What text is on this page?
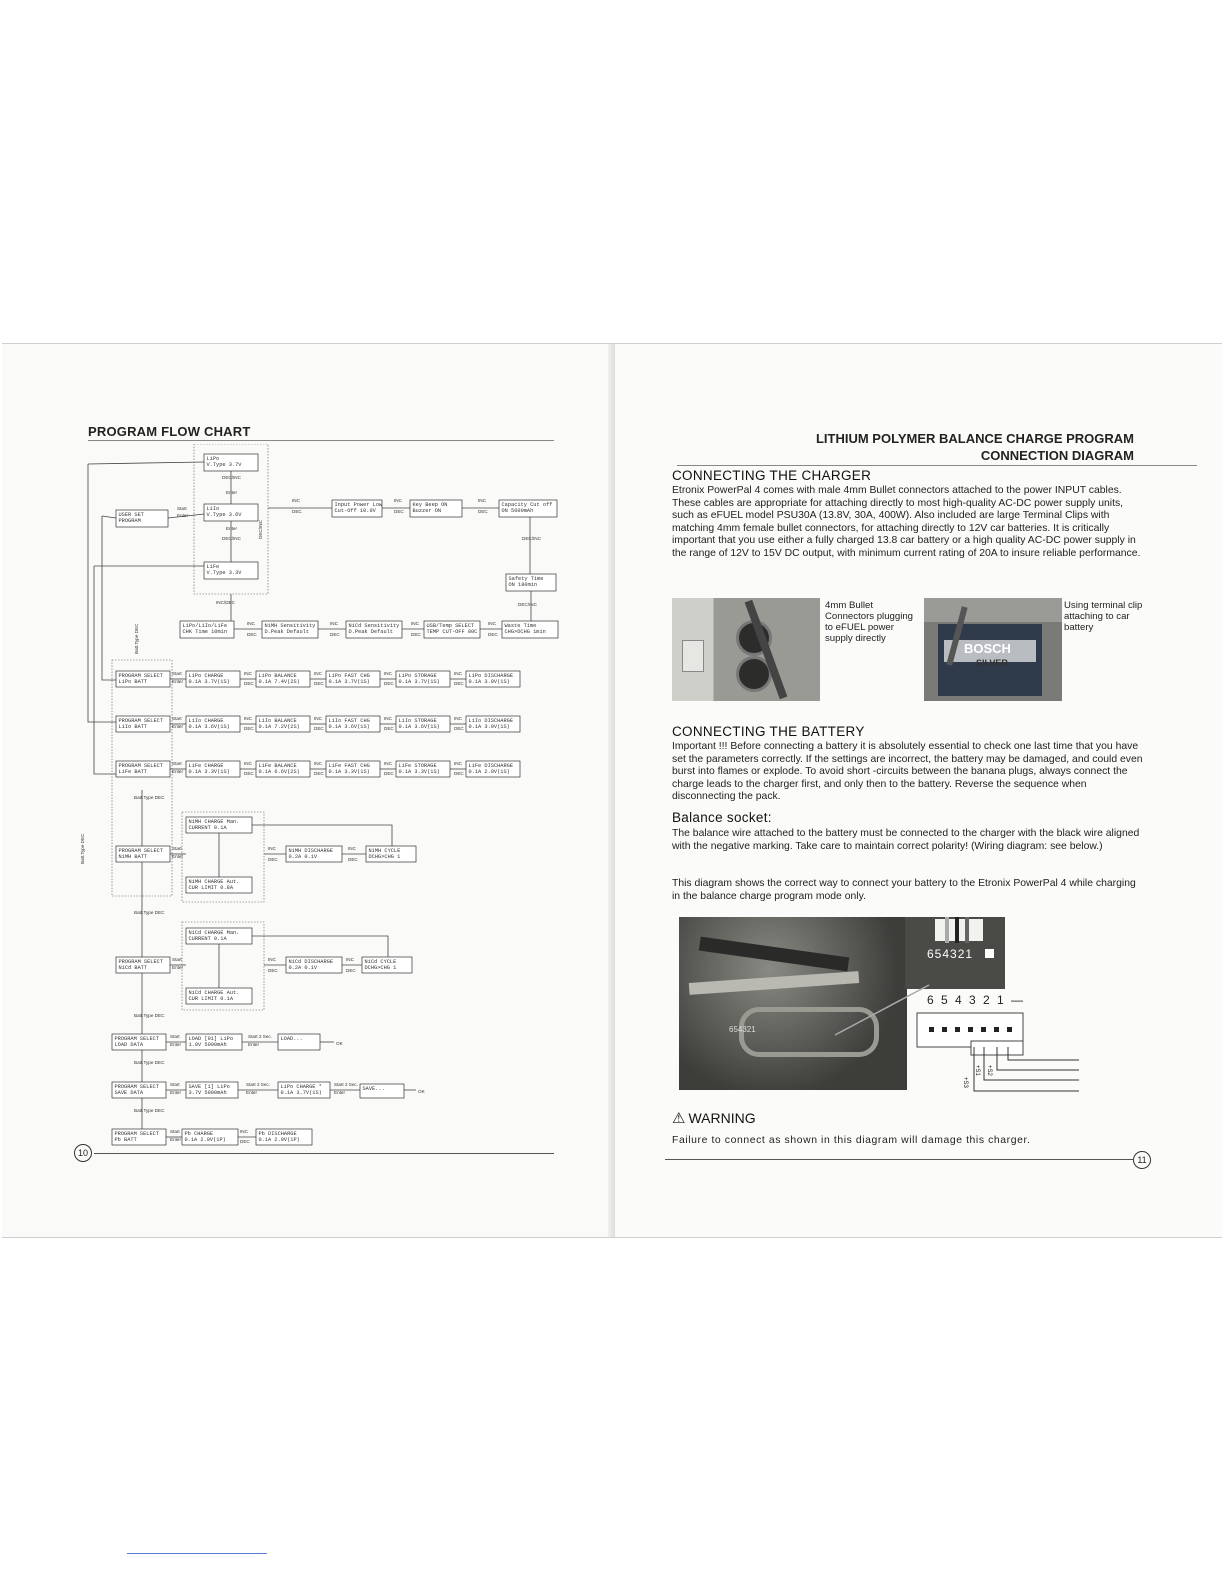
PROGRAM FLOW CHART
LiPo
V.Type 3.7V
LiIo
V.Type 3.6V
LiFe
V.Type 3.3V
DEC/INC
Enter
DEC/INC
Enter	DEC/INC
INC/DEC
USER SET
PROGRAM
Start
Enter
Input Power Low
Cut-Off 10.0V
Key Beep ON
Buzzer ON
Capacity Cut off
ON 5000mAh
INC
DEC
INC
DEC
INC
DEC
Safety Time
ON 180min
DEC/INC
DEC/INC
LiPo/LiIo/LiFe
CHK Time 10min
NiMH Sensitivity
D.Peak Default
NiCd Sensitivity
D.Peak Default
USB/Temp SELECT
TEMP CUT-OFF 80C
Waste Time
CHG>DCHG 1min
INC
DEC
INC
DEC
INC
DEC
INC
DEC
PROGRAM SELECT
LiPo BATT
Start
Enter
LiPo CHARGE
0.1A 3.7V(1S)
LiPo BALANCE
0.1A 7.4V(2S)
LiPo FAST CHG
0.1A 3.7V(1S)
LiPo STORAGE
0.1A 3.7V(1S)
LiPo DISCHARGE
0.1A 3.0V(1S)
INC
DEC
INC
DEC
INC
DEC
INC
DEC
PROGRAM SELECT
LiIo BATT
Start
Enter
LiIo CHARGE
0.1A 3.6V(1S)
LiIo BALANCE
0.1A 7.2V(2S)
LiIo FAST CHG
0.1A 3.6V(1S)
LiIo STORAGE
0.1A 3.6V(1S)
LiIo DISCHARGE
0.1A 3.0V(1S)
INC
DEC
INC
DEC
INC
DEC
INC
DEC
PROGRAM SELECT
LiFe BATT
Start
Enter
LiFe CHARGE
0.1A 3.3V(1S)
LiFe BALANCE
0.1A 6.6V(2S)
LiFe FAST CHG
0.1A 3.3V(1S)
LiFe STORAGE
0.1A 3.3V(1S)
LiFe DISCHARGE
0.1A 2.0V(1S)
INC
DEC
INC
DEC
INC
DEC
INC
DEC
Batt.Type DEC
Batt.Type DEC
Batt.Type DEC
NiMH CHARGE Man.
CURRENT 0.1A
NiMH CHARGE Aut.
CUR LIMIT 0.8A
PROGRAM SELECT
NiMH BATT
Start
Enter
NiMH DISCHARGE
0.2A 0.1V
NiMH CYCLE
DCHG>CHG 1
INC
DEC
INC
DEC
Batt.Type DEC
NiCd CHARGE Man.
CURRENT 0.1A
NiCd CHARGE Aut.
CUR LIMIT 0.1A
PROGRAM SELECT
NiCd BATT
Start
Enter
NiCd DISCHARGE
0.2A 0.1V
NiCd CYCLE
DCHG>CHG 1
INC
DEC
INC
DEC
Batt.Type DEC
PROGRAM SELECT
LOAD DATA
LOAD [01] LiPo
1.0V 5000mAh
LOAD...
Start
Enter
Start 2 Sec.
Enter	OK
Batt.Type DEC
PROGRAM SELECT
SAVE DATA
SAVE [1] LiPo
3.7V 5000mAh
LiPo CHARGE *
0.1A 3.7V(1S)
SAVE...
Start
Enter
Start 2 Sec.
Enter
Start 2 Sec.
Enter	OK
Batt.Type DEC
PROGRAM SELECT
Pb BATT
Pb CHARGE
0.1A 2.0V(1P)
Pb DISCHARGE
0.1A 2.0V(1P)
Start
Enter
INC
DEC
10
LITHIUM POLYMER BALANCE CHARGE PROGRAM
CONNECTION DIAGRAM
CONNECTING THE CHARGER
Etronix PowerPal 4 comes with male 4mm Bullet connectors attached to the power INPUT cables. These cables are appropriate for attaching directly to most high-quality AC-DC power supply units, such as eFUEL model PSU30A (13.8V, 30A, 400W). Also included are large Terminal Clips with matching 4mm female bullet connectors, for attaching directly to 12V car batteries. It is critically important that you use either a fully charged 13.8 car battery or a high quality AC-DC power supply in the range of 12V to 15V DC output, with minimum current rating of 20A to insure reliable performance.
4mm Bullet Connectors plugging to eFUEL power supply directly
BOSCH
SILVER
Using terminal clip attaching to car battery
CONNECTING THE BATTERY
Important !!! Before connecting a battery it is absolutely essential to check one last time that you have set the parameters correctly. If the settings are incorrect, the battery may be damaged, and could even burst into flames or explode. To avoid short -circuits between the banana plugs, always connect the charge leads to the charger first, and only then to the battery. Reverse the sequence when disconnecting the pack.
Balance socket:
The balance wire attached to the battery must be connected to the charger with the black wire aligned with the negative marking. Take care to maintain correct polarity! (Wiring diagram: see below.)
This diagram shows the correct way to connect your battery to the Etronix PowerPal 4 while charging in the balance charge program mode only.
654321
654321
6 5 4 3 2 1 —
+S1 +S2
+S3
⚠ WARNING
Failure to connect as shown in this diagram will damage this charger.
11
